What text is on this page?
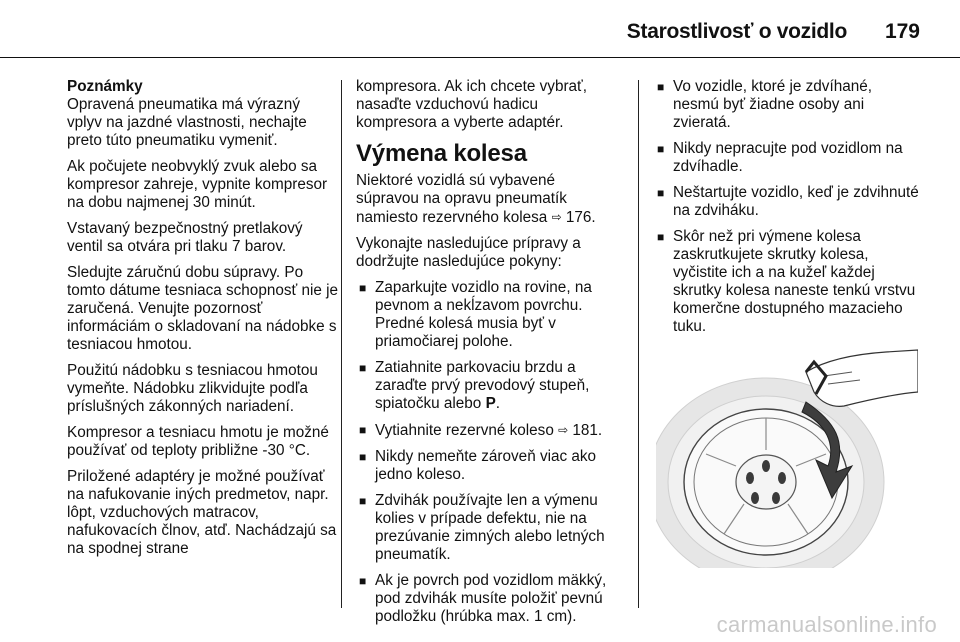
Starostlivosť o vozidlo 179

Poznámky

Opravená pneumatika má výrazný vplyv na jazdné vlastnosti, nechajte preto túto pneumatiku vymeniť.

Ak počujete neobvyklý zvuk alebo sa kompresor zahreje, vypnite kompresor na dobu najmenej 30 minút.

Vstavaný bezpečnostný pretlakový ventil sa otvára pri tlaku 7 barov.

Sledujte záručnú dobu súpravy. Po tomto dátume tesniaca schopnosť nie je zaručená. Venujte pozornosť informáciám o skladovaní na nádobke s tesniacou hmotou.

Použitú nádobku s tesniacou hmotou vymeňte. Nádobku zlikvidujte podľa príslušných zákonných nariadení.

Kompresor a tesniacu hmotu je možné používať od teploty približne -30 °C.

Priložené adaptéry je možné používať na nafukovanie iných predmetov, napr. lôpt, vzduchových matracov, nafukovacích člnov, atď. Nachádzajú sa na spodnej strane

kompresora. Ak ich chcete vybrať, nasaďte vzduchovú hadicu kompresora a vyberte adaptér.

Výmena kolesa

Niektoré vozidlá sú vybavené súpravou na opravu pneumatík namiesto rezervného kolesa ⇨ 176.

Vykonajte nasledujúce prípravy a dodržujte nasledujúce pokyny:

■ Zaparkujte vozidlo na rovine, na pevnom a nekĺzavom povrchu. Predné kolesá musia byť v priamočiarej polohe.
■ Zatiahnite parkovaciu brzdu a zaraďte prvý prevodový stupeň, spiatočku alebo P.
■ Vytiahnite rezervné koleso ⇨ 181.
■ Nikdy nemeňte zároveň viac ako jedno koleso.
■ Zdvihák používajte len a výmenu kolies v prípade defektu, nie na prezúvanie zimných alebo letných pneumatík.
■ Ak je povrch pod vozidlom mäkký, pod zdvihák musíte položiť pevnú podložku (hrúbka max. 1 cm).
■ Vo vozidle, ktoré je zdvíhané, nesmú byť žiadne osoby ani zvieratá.
■ Nikdy nepracujte pod vozidlom na zdvíhadle.
■ Neštartujte vozidlo, keď je zdvihnuté na zdviháku.
■ Skôr než pri výmene kolesa zaskrutkujete skrutky kolesa, vyčistite ich a na kužeľ každej skrutky kolesa naneste tenkú vrstvu komerčne dostupného mazacieho tuku.
carmanualsonline.info
